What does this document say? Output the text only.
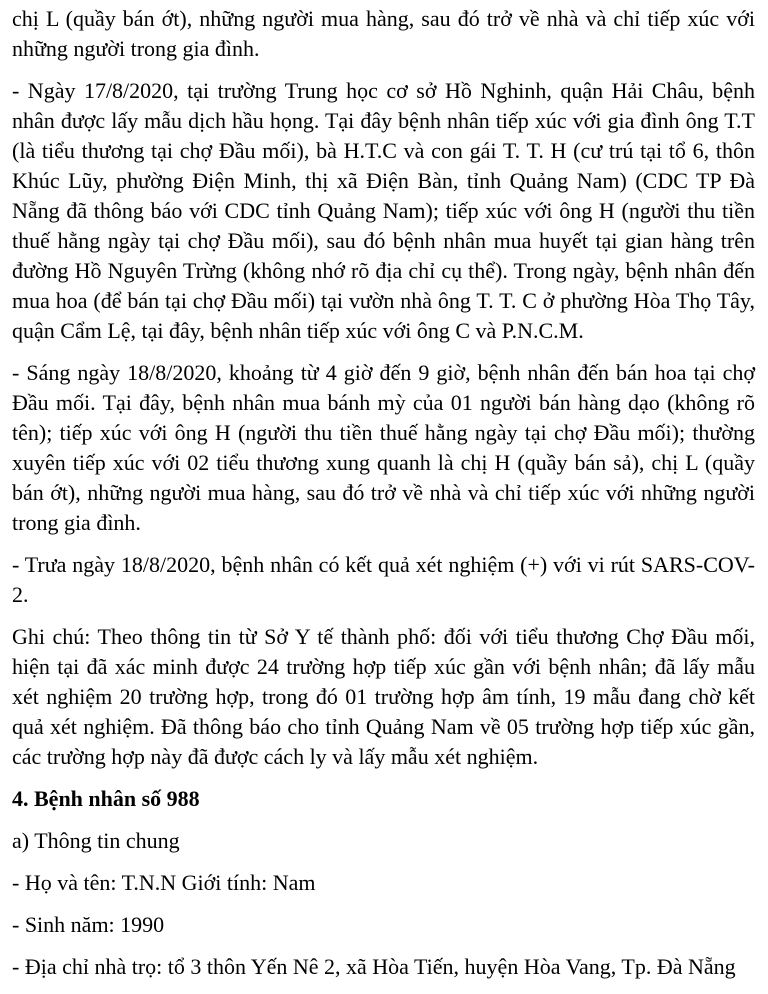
chị L (quầy bán ớt), những người mua hàng, sau đó trở về nhà và chỉ tiếp xúc với những người trong gia đình.

- Ngày 17/8/2020, tại trường Trung học cơ sở Hồ Nghinh, quận Hải Châu, bệnh nhân được lấy mẫu dịch hầu họng. Tại đây bệnh nhân tiếp xúc với gia đình ông T.T (là tiểu thương tại chợ Đầu mối), bà H.T.C và con gái T. T. H (cư trú tại tổ 6, thôn Khúc Lũy, phường Điện Minh, thị xã Điện Bàn, tỉnh Quảng Nam) (CDC TP Đà Nẵng đã thông báo với CDC tỉnh Quảng Nam); tiếp xúc với ông H (người thu tiền thuế hằng ngày tại chợ Đầu mối), sau đó bệnh nhân mua huyết tại gian hàng trên đường Hồ Nguyên Trừng (không nhớ rõ địa chỉ cụ thể). Trong ngày, bệnh nhân đến mua hoa (để bán tại chợ Đầu mối) tại vườn nhà ông T. T. C ở phường Hòa Thọ Tây, quận Cẩm Lệ, tại đây, bệnh nhân tiếp xúc với ông C và P.N.C.M.

- Sáng ngày 18/8/2020, khoảng từ 4 giờ đến 9 giờ, bệnh nhân đến bán hoa tại chợ Đầu mối. Tại đây, bệnh nhân mua bánh mỳ của 01 người bán hàng dạo (không rõ tên); tiếp xúc với ông H (người thu tiền thuế hằng ngày tại chợ Đầu mối); thường xuyên tiếp xúc với 02 tiểu thương xung quanh là chị H (quầy bán sả), chị L (quầy bán ớt), những người mua hàng, sau đó trở về nhà và chỉ tiếp xúc với những người trong gia đình.

- Trưa ngày 18/8/2020, bệnh nhân có kết quả xét nghiệm (+) với vi rút SARS-COV-2.

Ghi chú: Theo thông tin từ Sở Y tế thành phố: đối với tiểu thương Chợ Đầu mối, hiện tại đã xác minh được 24 trường hợp tiếp xúc gần với bệnh nhân; đã lấy mẫu xét nghiệm 20 trường hợp, trong đó 01 trường hợp âm tính, 19 mẫu đang chờ kết quả xét nghiệm. Đã thông báo cho tỉnh Quảng Nam về 05 trường hợp tiếp xúc gần, các trường hợp này đã được cách ly và lấy mẫu xét nghiệm.

4. Bệnh nhân số 988

a) Thông tin chung

- Họ và tên: T.N.N Giới tính: Nam

- Sinh năm: 1990

- Địa chỉ nhà trọ: tổ 3 thôn Yến Nê 2, xã Hòa Tiến, huyện Hòa Vang, Tp. Đà Nẵng
